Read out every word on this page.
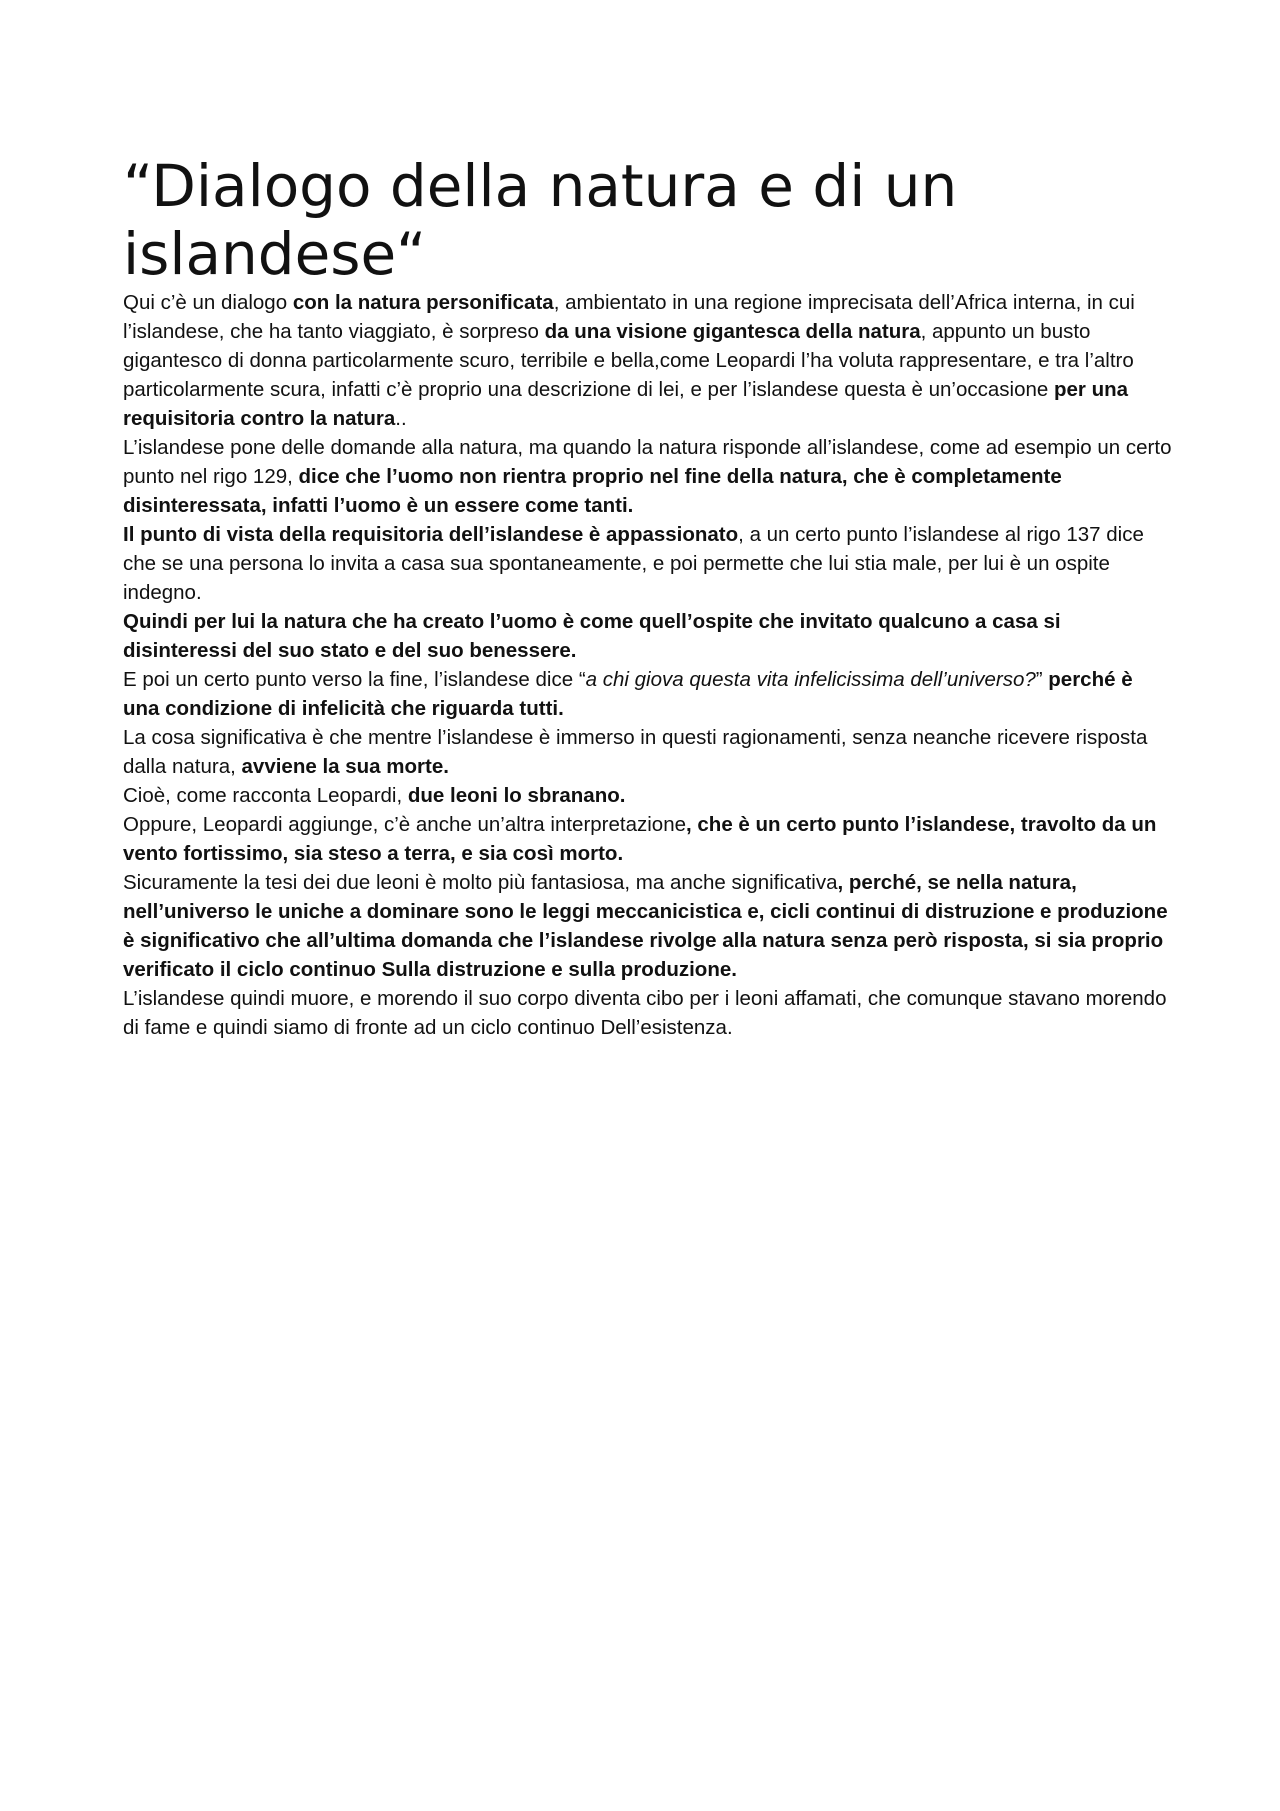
“Dialogo della natura e di un islandese“

Qui c’è un dialogo con la natura personificata, ambientato in una regione imprecisata dell’Africa interna, in cui l’islandese, che ha tanto viaggiato, è sorpreso da una visione gigantesca della natura, appunto un busto gigantesco di donna particolarmente scuro, terribile e bella,come Leopardi l’ha voluta rappresentare, e tra l’altro particolarmente scura, infatti c’è proprio una descrizione di lei, e per l’islandese questa è un’occasione per una requisitoria contro la natura..

L’islandese pone delle domande alla natura, ma quando la natura risponde all’islandese, come ad esempio un certo punto nel rigo 129, dice che l’uomo non rientra proprio nel fine della natura, che è completamente disinteressata, infatti l’uomo è un essere come tanti.

Il punto di vista della requisitoria dell’islandese è appassionato, a un certo punto l’islandese al rigo 137 dice che se una persona lo invita a casa sua spontaneamente, e poi permette che lui stia male, per lui è un ospite indegno.

Quindi per lui la natura che ha creato l’uomo è come quell’ospite che invitato qualcuno a casa si disinteressi del suo stato e del suo benessere.

E poi un certo punto verso la fine, l’islandese dice “a chi giova questa vita infelicissima dell’universo?” perché è una condizione di infelicità che riguarda tutti.

La cosa significativa è che mentre l’islandese è immerso in questi ragionamenti, senza neanche ricevere risposta dalla natura, avviene la sua morte.

Cioè, come racconta Leopardi, due leoni lo sbranano.

Oppure, Leopardi aggiunge, c’è anche un’altra interpretazione, che è un certo punto l’islandese, travolto da un vento fortissimo, sia steso a terra, e sia così morto.

Sicuramente la tesi dei due leoni è molto più fantasiosa, ma anche significativa, perché, se nella natura, nell’universo le uniche a dominare sono le leggi meccanicistica e, cicli continui di distruzione e produzione è significativo che all’ultima domanda che l’islandese rivolge alla natura senza però risposta, si sia proprio verificato il ciclo continuo Sulla distruzione e sulla produzione.

L’islandese quindi muore, e morendo il suo corpo diventa cibo per i leoni affamati, che comunque stavano morendo di fame e quindi siamo di fronte ad un ciclo continuo Dell’esistenza.
